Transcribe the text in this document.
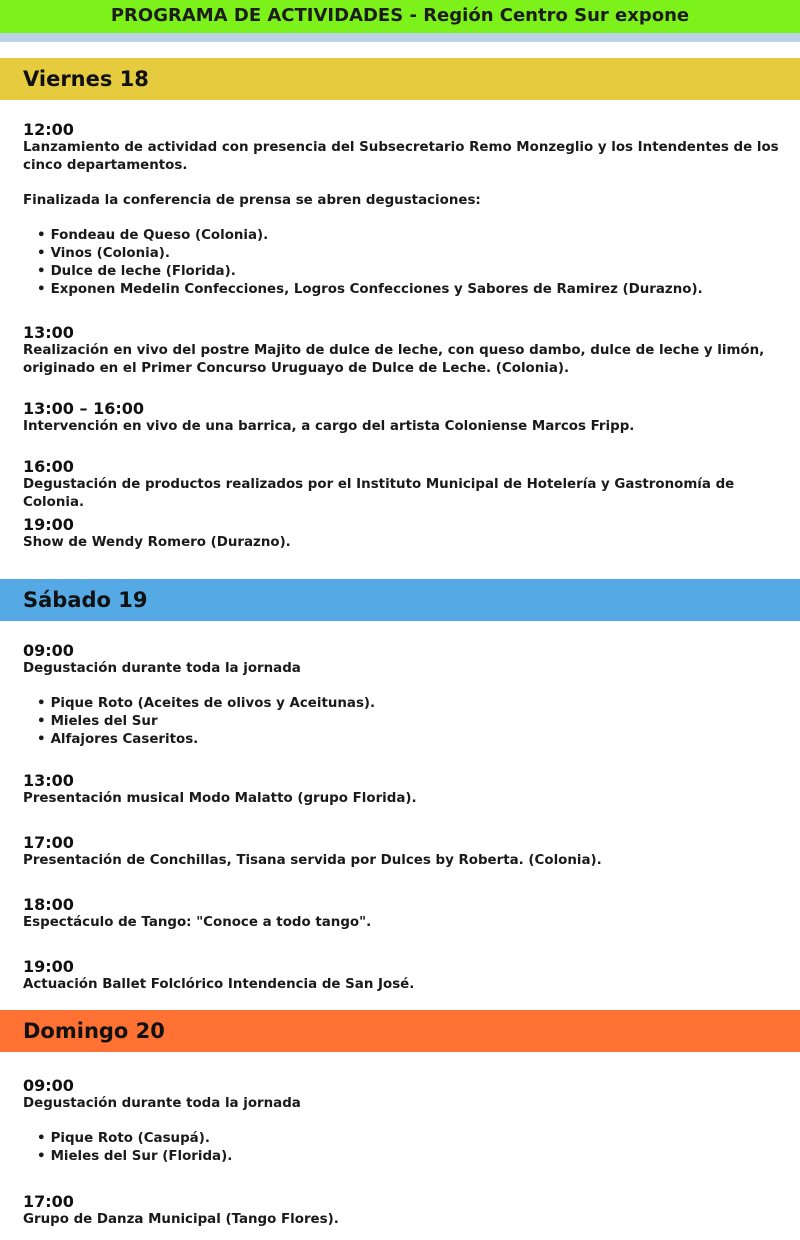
PROGRAMA DE ACTIVIDADES - Región Centro Sur expone
Viernes 18
12:00
Lanzamiento de actividad con presencia del Subsecretario Remo Monzeglio y los Intendentes de los cinco departamentos.
Finalizada la conferencia de prensa se abren degustaciones:
• Fondeau de Queso (Colonia).
• Vinos (Colonia).
• Dulce de leche (Florida).
• Exponen Medelin Confecciones, Logros Confecciones y Sabores de Ramirez (Durazno).
13:00
Realización en vivo del postre Majito de dulce de leche, con queso dambo, dulce de leche y limón, originado en el Primer Concurso Uruguayo de Dulce de Leche. (Colonia).
13:00 – 16:00
Intervención en vivo de una barrica, a cargo del artista Coloniense Marcos Fripp.
16:00
Degustación de productos realizados por el Instituto Municipal de Hotelería y Gastronomía de Colonia.
19:00
Show de Wendy Romero (Durazno).
Sábado 19
09:00
Degustación durante toda la jornada
• Pique Roto (Aceites de olivos y Aceitunas).
• Mieles del Sur
• Alfajores Caseritos.
13:00
Presentación musical Modo Malatto (grupo Florida).
17:00
Presentación de Conchillas, Tisana servida por Dulces by Roberta. (Colonia).
18:00
Espectáculo de Tango: "Conoce a todo tango".
19:00
Actuación Ballet Folclórico Intendencia de San José.
Domingo 20
09:00
Degustación durante toda la jornada
• Pique Roto (Casupá).
• Mieles del Sur (Florida).
17:00
Grupo de Danza Municipal (Tango Flores).
